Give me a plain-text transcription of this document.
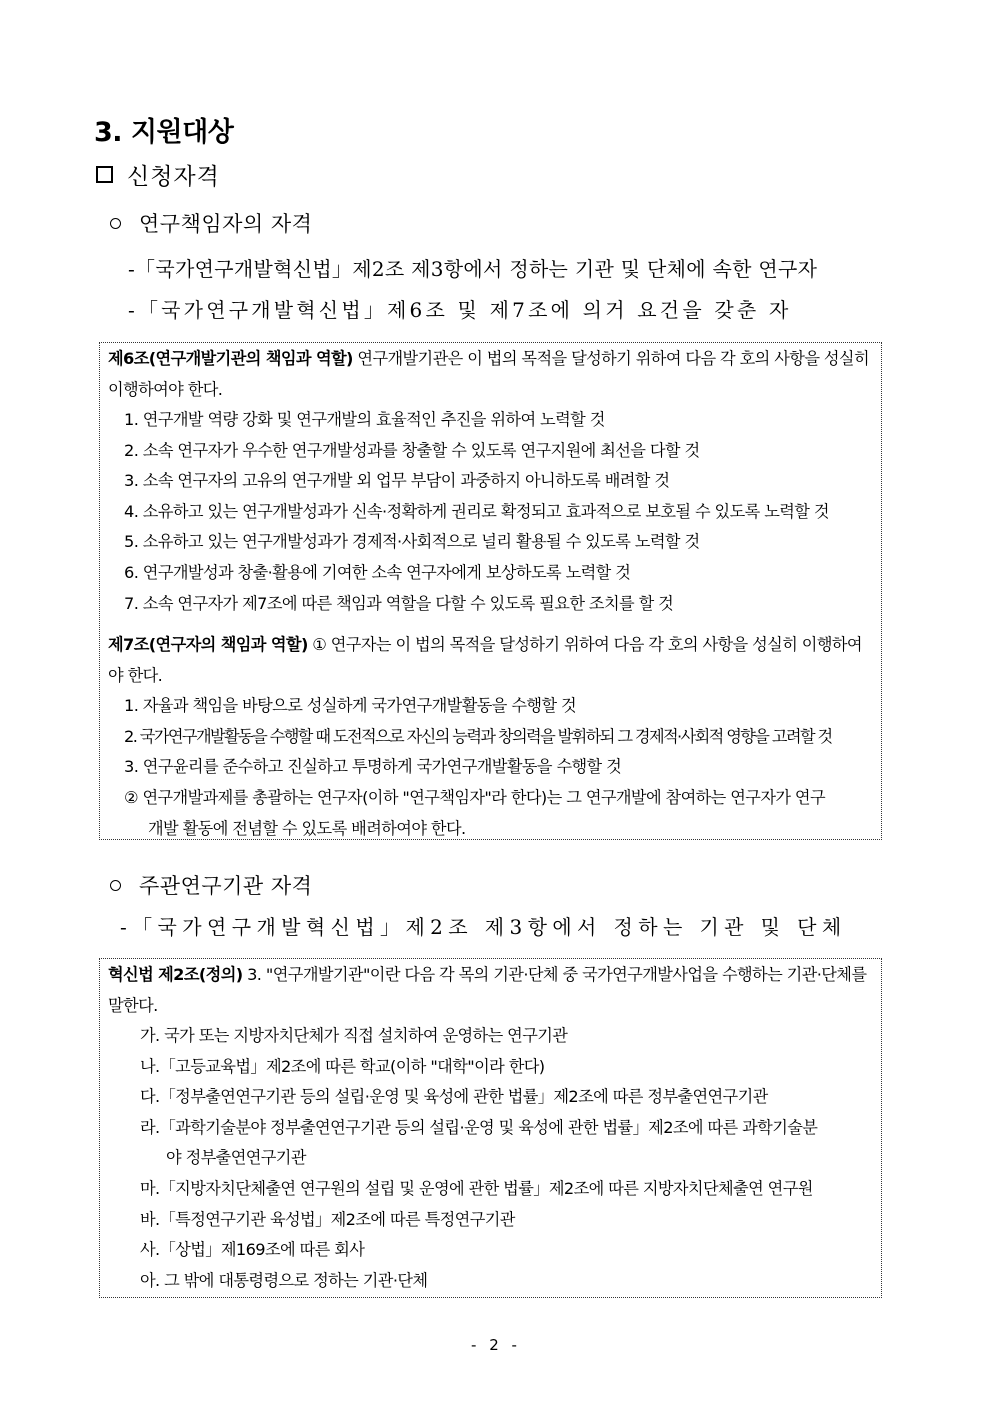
3. 지원대상
신청자격
연구책임자의 자격
-「국가연구개발혁신법」제2조 제3항에서 정하는 기관 및 단체에 속한 연구자
-「국가연구개발혁신법」제6조 및 제7조에 의거 요건을 갖춘 자
제6조(연구개발기관의 책임과 역할) 연구개발기관은 이 법의 목적을 달성하기 위하여 다음 각 호의 사항을 성실히 이행하여야 한다.
1. 연구개발 역량 강화 및 연구개발의 효율적인 추진을 위하여 노력할 것
2. 소속 연구자가 우수한 연구개발성과를 창출할 수 있도록 연구지원에 최선을 다할 것
3. 소속 연구자의 고유의 연구개발 외 업무 부담이 과중하지 아니하도록 배려할 것
4. 소유하고 있는 연구개발성과가 신속·정확하게 권리로 확정되고 효과적으로 보호될 수 있도록 노력할 것
5. 소유하고 있는 연구개발성과가 경제적·사회적으로 널리 활용될 수 있도록 노력할 것
6. 연구개발성과 창출·활용에 기여한 소속 연구자에게 보상하도록 노력할 것
7. 소속 연구자가 제7조에 따른 책임과 역할을 다할 수 있도록 필요한 조치를 할 것
제7조(연구자의 책임과 역할) ① 연구자는 이 법의 목적을 달성하기 위하여 다음 각 호의 사항을 성실히 이행하여야 한다.
1. 자율과 책임을 바탕으로 성실하게 국가연구개발활동을 수행할 것
2. 국가연구개발활동을 수행할 때 도전적으로 자신의 능력과 창의력을 발휘하되 그 경제적·사회적 영향을 고려할 것
3. 연구윤리를 준수하고 진실하고 투명하게 국가연구개발활동을 수행할 것
② 연구개발과제를 총괄하는 연구자(이하 "연구책임자"라 한다)는 그 연구개발에 참여하는 연구자가 연구
개발 활동에 전념할 수 있도록 배려하여야 한다.
주관연구기관 자격
-「국가연구개발혁신법」제2조 제3항에서 정하는 기관 및 단체
혁신법 제2조(정의) 3. "연구개발기관"이란 다음 각 목의 기관·단체 중 국가연구개발사업을 수행하는 기관·단체를 말한다.
가. 국가 또는 지방자치단체가 직접 설치하여 운영하는 연구기관
나.「고등교육법」제2조에 따른 학교(이하 "대학"이라 한다)
다.「정부출연연구기관 등의 설립·운영 및 육성에 관한 법률」제2조에 따른 정부출연연구기관
라.「과학기술분야 정부출연연구기관 등의 설립·운영 및 육성에 관한 법률」제2조에 따른 과학기술분
야 정부출연연구기관
마.「지방자치단체출연 연구원의 설립 및 운영에 관한 법률」제2조에 따른 지방자치단체출연 연구원
바.「특정연구기관 육성법」제2조에 따른 특정연구기관
사.「상법」제169조에 따른 회사
아. 그 밖에 대통령령으로 정하는 기관·단체
- 2 -
